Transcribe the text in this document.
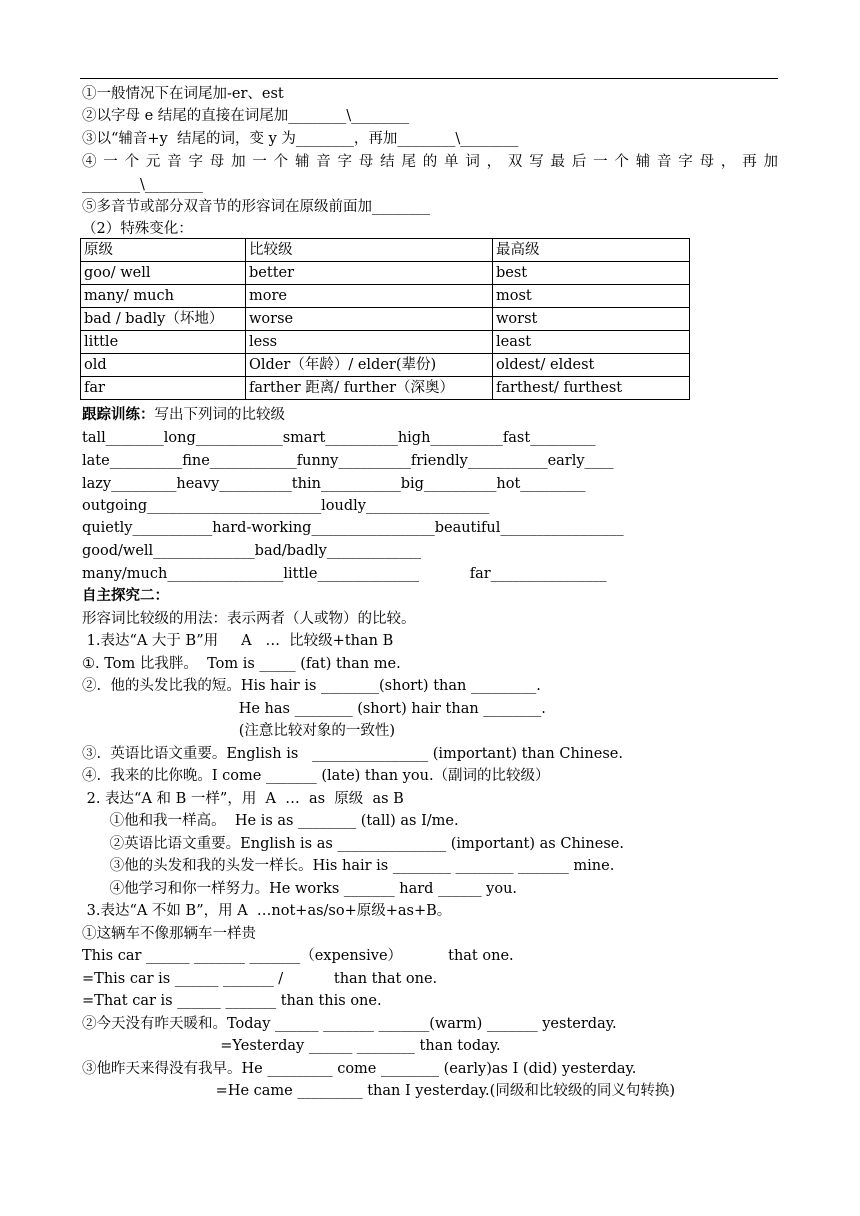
①一般情况下在词尾加-er、est
②以字母 e 结尾的直接在词尾加________\________
③以“辅音+y  结尾的词，变 y 为________，再加________\________
④一个元音字母加一个辅音字母结尾的单词，双写最后一个辅音字母，再加
________\________
⑤多音节或部分双音节的形容词在原级前面加________
（2）特殊变化：
原级	比较级	最高级
goo/ well	better	best
many/ much	more	most
bad / badly（坏地）	worse	worst
little	less	least
old	Older（年龄）/ elder(辈份)	oldest/ eldest
far	farther 距离/ further（深奥）	farthest/ furthest
跟踪训练：写出下列词的比较级
tall________long____________smart__________high__________fast_________
late__________fine____________funny__________friendly___________early____
lazy_________heavy__________thin___________big__________hot_________
outgoing________________________loudly_________________
quietly___________hard-working_________________beautiful_________________
good/well______________bad/badly_____________
many/much________________little______________           far________________
自主探究二：
形容词比较级的用法：表示两者（人或物）的比较。
1.表达“A 大于 B”用     A   …  比较级+than B
①. Tom 比我胖。  Tom is _____ (fat) than me.
②.  他的头发比我的短。His hair is ________(short) than _________.
He has ________ (short) hair than ________.
(注意比较对象的一致性)
③.  英语比语文重要。English is   ________________ (important) than Chinese.
④.  我来的比你晚。I come _______ (late) than you.（副词的比较级）
2. 表达“A 和 B 一样”，用  A  …  as  原级  as B
①他和我一样高。  He is as ________ (tall) as I/me.
②英语比语文重要。English is as _______________ (important) as Chinese.
③他的头发和我的头发一样长。His hair is ________ ________ _______ mine.
④他学习和你一样努力。He works _______ hard ______ you.
3.表达“A 不如 B”，用 A  …not+as/so+原级+as+B。
①这辆车不像那辆车一样贵
This car ______ _______ _______（expensive）          that one.
=This car is ______ _______ /           than that one.
=That car is ______ _______ than this one.
②今天没有昨天暖和。Today ______ _______ _______(warm) _______ yesterday.
=Yesterday ______ ________ than today.
③他昨天来得没有我早。He _________ come ________ (early)as I (did) yesterday.
=He came _________ than I yesterday.(同级和比较级的同义句转换)
